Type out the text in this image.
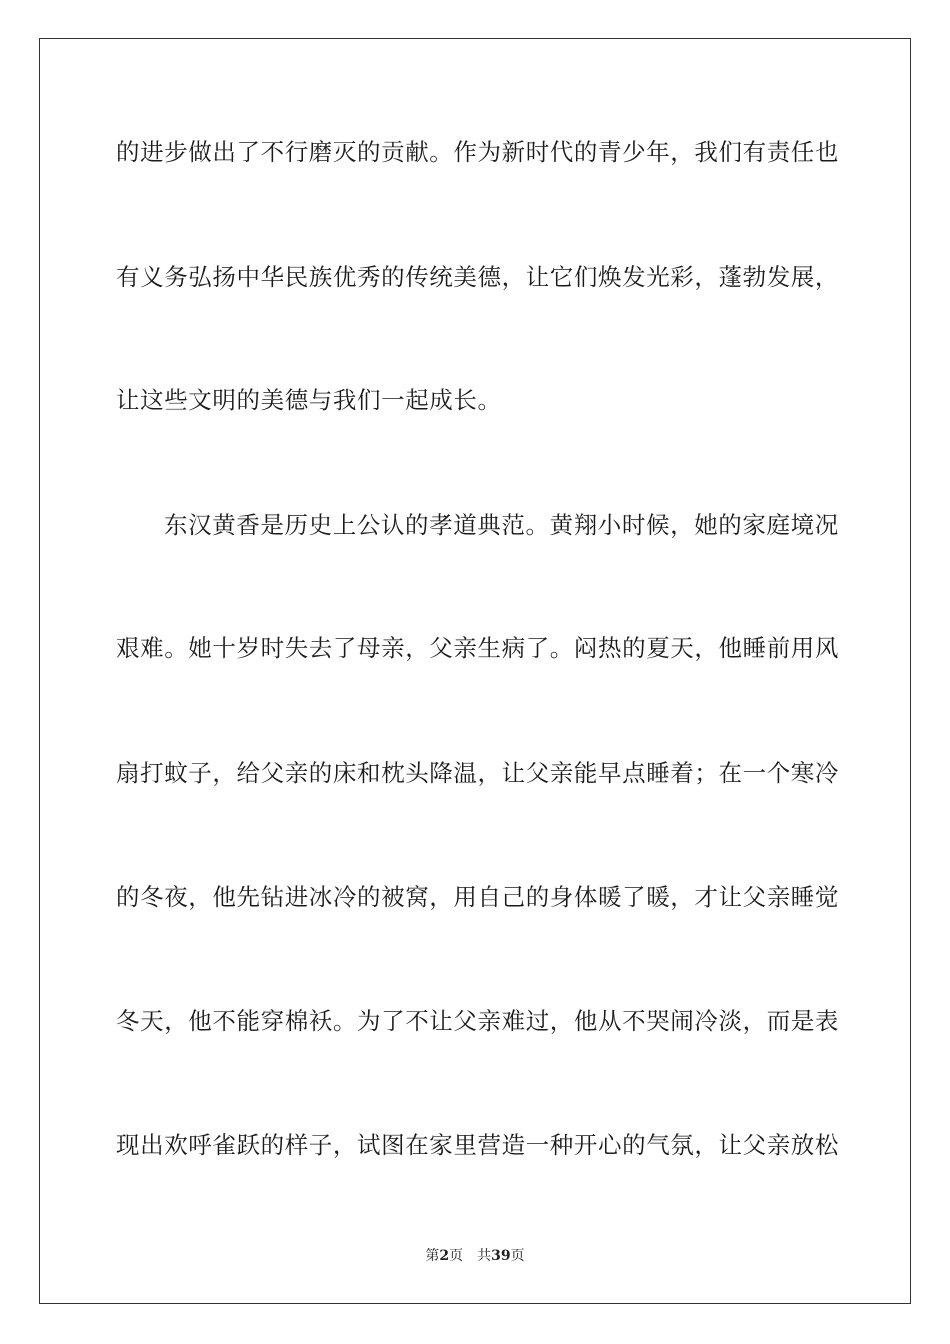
的进步做出了不行磨灭的贡献。作为新时代的青少年，我们有责任也
有义务弘扬中华民族优秀的传统美德，让它们焕发光彩，蓬勃发展，
让这些文明的美德与我们一起成长。
东汉黄香是历史上公认的孝道典范。黄翔小时候，她的家庭境况
艰难。她十岁时失去了母亲，父亲生病了。闷热的夏天，他睡前用风
扇打蚊子，给父亲的床和枕头降温，让父亲能早点睡着；在一个寒冷
的冬夜，他先钻进冰冷的被窝，用自己的身体暖了暖，才让父亲睡觉
冬天，他不能穿棉袄。为了不让父亲难过，他从不哭闹冷淡，而是表
现出欢呼雀跃的样子，试图在家里营造一种开心的气氛，让父亲放松
第2页 共39页
